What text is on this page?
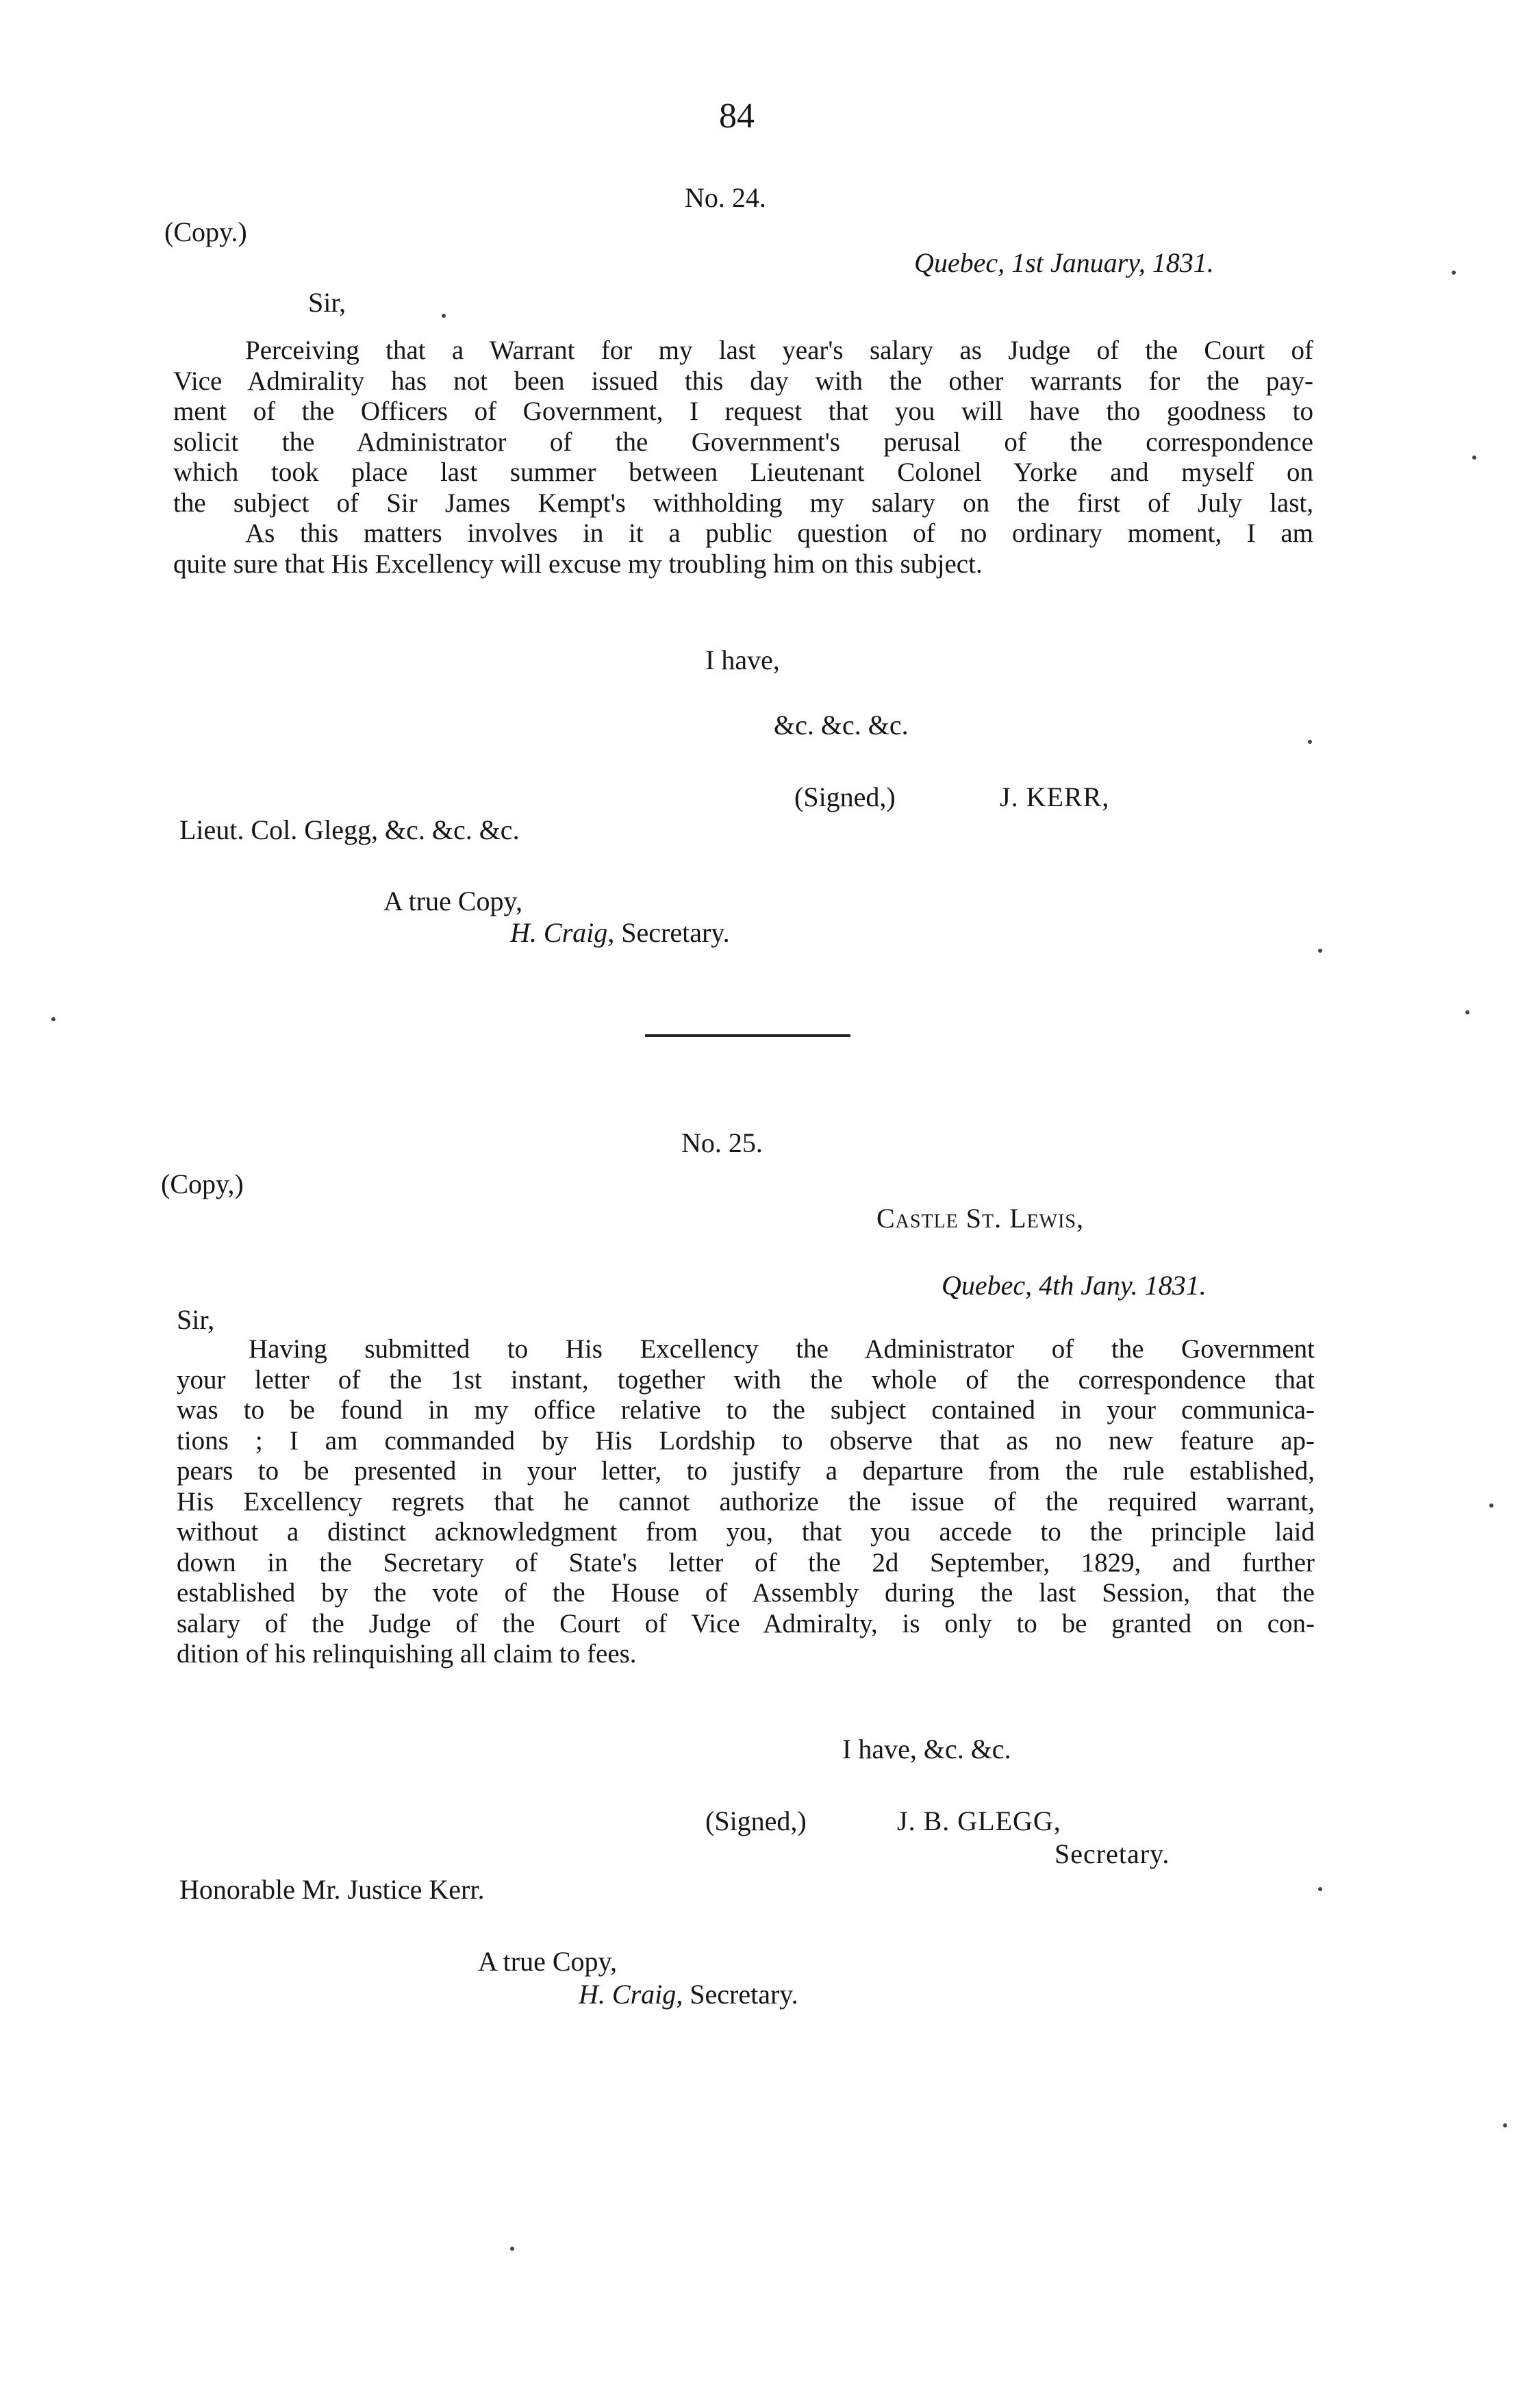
84
No. 24.
(Copy.)
Quebec, 1st January, 1831.
Sir,
Perceiving that a Warrant for my last year's salary as Judge of the Court of
Vice Admirality has not been issued this day with the other warrants for the pay-
ment of the Officers of Government, I request that you will have tho goodness to
solicit the Administrator of the Government's perusal of the correspondence
which took place last summer between Lieutenant Colonel Yorke and myself on
the subject of Sir James Kempt's withholding my salary on the first of July last,
As this matters involves in it a public question of no ordinary moment, I am
quite sure that His Excellency will excuse my troubling him on this subject.
I have,
&c. &c. &c.
(Signed,)	J. KERR,
Lieut. Col. Glegg, &c. &c. &c.
A true Copy,
H. Craig, Secretary.
No. 25.
(Copy,)
Castle St. Lewis,
Quebec, 4th Jany. 1831.
Sir,
Having submitted to His Excellency the Administrator of the Government
your letter of the 1st instant, together with the whole of the correspondence that
was to be found in my office relative to the subject contained in your communica-
tions ; I am commanded by His Lordship to observe that as no new feature ap-
pears to be presented in your letter, to justify a departure from the rule established,
His Excellency regrets that he cannot authorize the issue of the required warrant,
without a distinct acknowledgment from you, that you accede to the principle laid
down in the Secretary of State's letter of the 2d September, 1829, and further
established by the vote of the House of Assembly during the last Session, that the
salary of the Judge of the Court of Vice Admiralty, is only to be granted on con-
dition of his relinquishing all claim to fees.
I have, &c. &c.
(Signed,)	J. B. GLEGG,
Secretary.
Honorable Mr. Justice Kerr.
A true Copy,
H. Craig, Secretary.
